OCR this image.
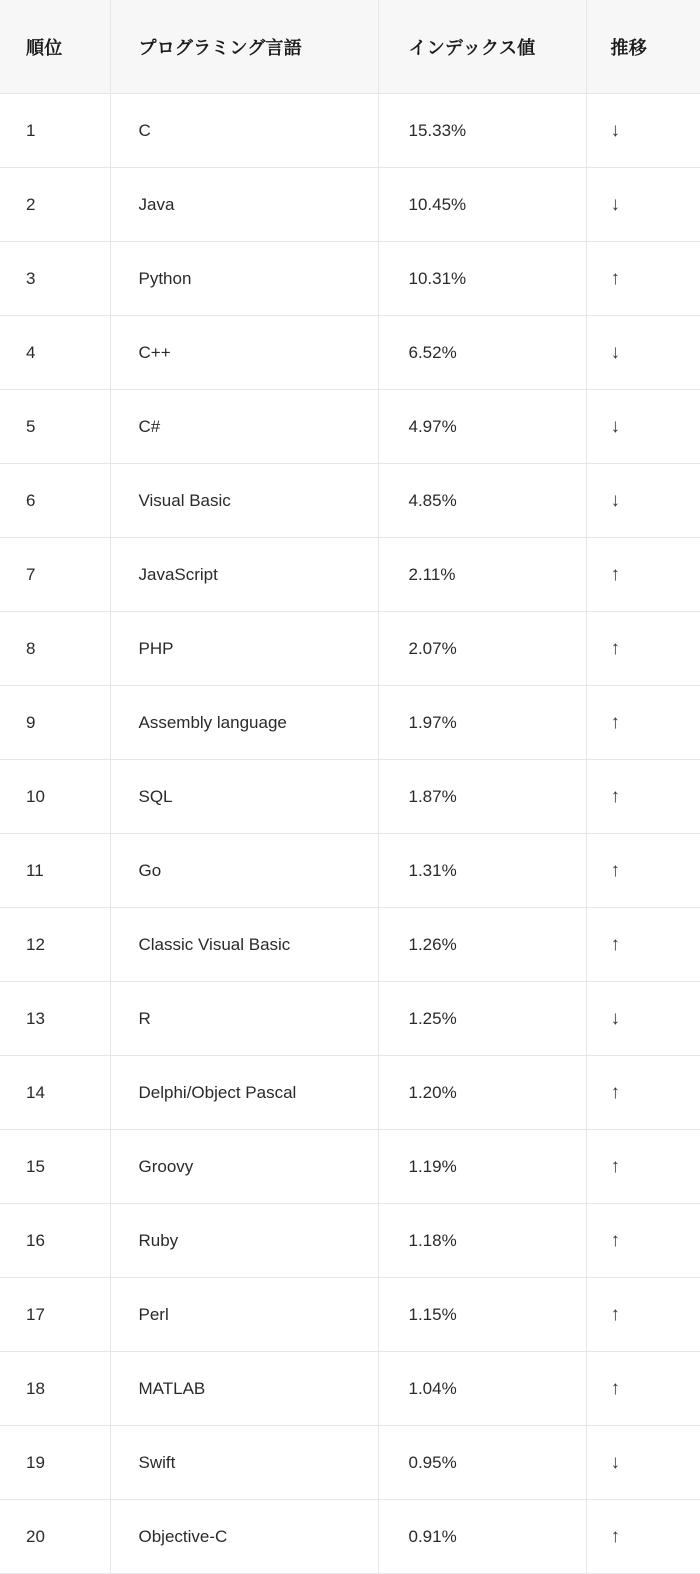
順位	プログラミング言語	インデックス値	推移
1	C	15.33%	↓
2	Java	10.45%	↓
3	Python	10.31%	↑
4	C++	6.52%	↓
5	C#	4.97%	↓
6	Visual Basic	4.85%	↓
7	JavaScript	2.11%	↑
8	PHP	2.07%	↑
9	Assembly language	1.97%	↑
10	SQL	1.87%	↑
11	Go	1.31%	↑
12	Classic Visual Basic	1.26%	↑
13	R	1.25%	↓
14	Delphi/Object Pascal	1.20%	↑
15	Groovy	1.19%	↑
16	Ruby	1.18%	↑
17	Perl	1.15%	↑
18	MATLAB	1.04%	↑
19	Swift	0.95%	↓
20	Objective-C	0.91%	↑
